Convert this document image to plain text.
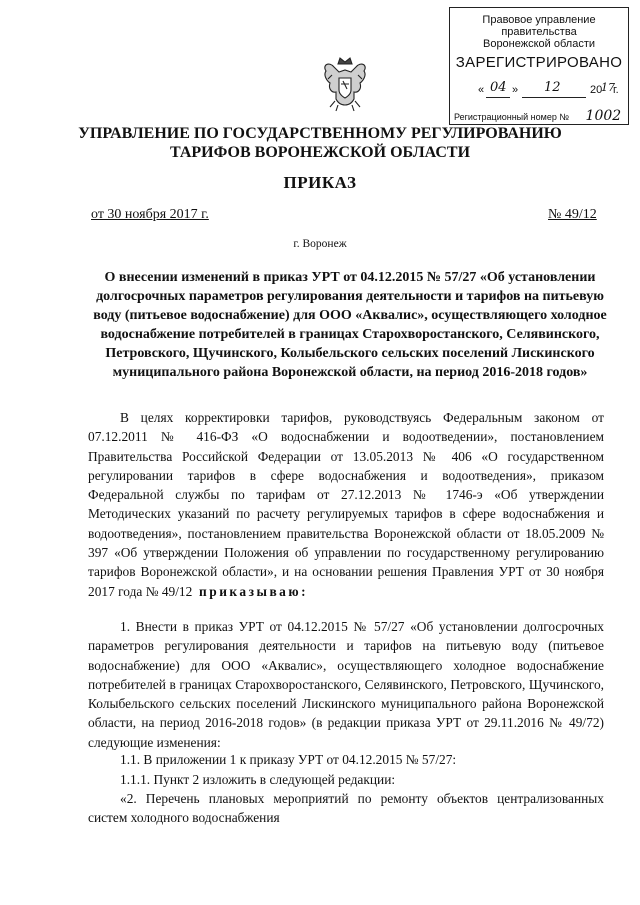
Правовое управление правительства
Воронежской области
ЗАРЕГИСТРИРОВАНО
« 04 » 12	20
17
г.
Регистрационный номер № 1002
УПРАВЛЕНИЕ ПО ГОСУДАРСТВЕННОМУ РЕГУЛИРОВАНИЮ
ТАРИФОВ ВОРОНЕЖСКОЙ ОБЛАСТИ
ПРИКАЗ
от 30 ноября 2017 г.	№ 49/12
г. Воронеж
О внесении изменений в приказ УРТ от 04.12.2015 № 57/27 «Об установлении долгосрочных параметров регулирования деятельности и тарифов на питьевую воду (питьевое водоснабжение) для ООО «Аквалис», осуществляющего холодное водоснабжение потребителей в границах Старохворостанского, Селявинского, Петровского, Щучинского, Колыбельского сельских поселений Лискинского муниципального района Воронежской области, на период 2016-2018 годов»

В целях корректировки тарифов, руководствуясь Федеральным законом от 07.12.2011 № 416-ФЗ «О водоснабжении и водоотведении», постановлением Правительства Российской Федерации от 13.05.2013 № 406 «О государственном регулировании тарифов в сфере водоснабжения и водоотведения», приказом Федеральной службы по тарифам от 27.12.2013 № 1746-э «Об утверждении Методических указаний по расчету регулируемых тарифов в сфере водоснабжения и водоотведения», постановлением правительства Воронежской области от 18.05.2009 № 397 «Об утверждении Положения об управлении по государственному регулированию тарифов Воронежской области», и на основании решения Правления УРТ от 30 ноября 2017 года № 49/12 приказываю:

1. Внести в приказ УРТ от 04.12.2015 № 57/27 «Об установлении долгосрочных параметров регулирования деятельности и тарифов на питьевую воду (питьевое водоснабжение) для ООО «Аквалис», осуществляющего холодное водоснабжение потребителей в границах Старохворостанского, Селявинского, Петровского, Щучинского, Колыбельского сельских поселений Лискинского муниципального района Воронежской области, на период 2016-2018 годов» (в редакции приказа УРТ от 29.11.2016 № 49/72) следующие изменения:

1.1. В приложении 1 к приказу УРТ от 04.12.2015 № 57/27:
1.1.1. Пункт 2 изложить в следующей редакции:

«2. Перечень плановых мероприятий по ремонту объектов централизованных систем холодного водоснабжения
